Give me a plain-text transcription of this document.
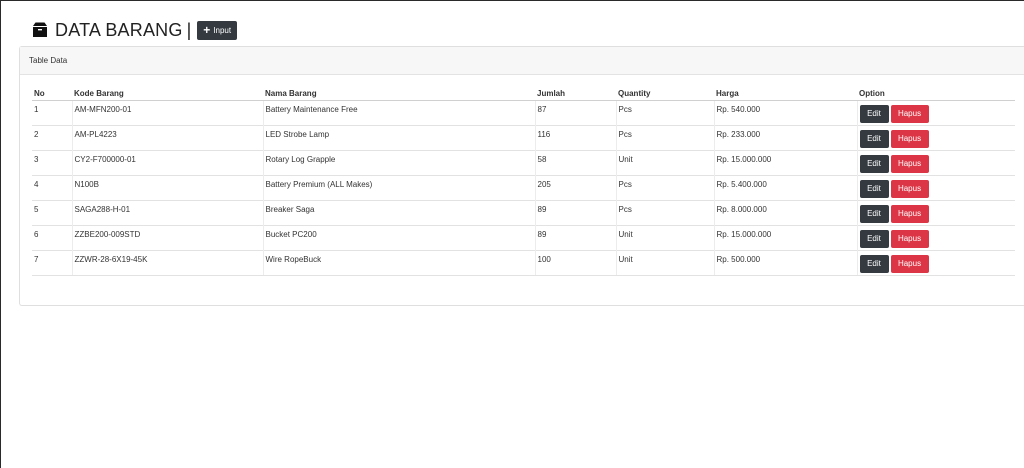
DATA BARANG | + Input
Table Data
No	Kode Barang	Nama Barang	Jumlah	Quantity	Harga	Option
1	AM-MFN200-01	Battery Maintenance Free	87	Pcs	Rp. 540.000	Edit Hapus
2	AM-PL4223	LED Strobe Lamp	116	Pcs	Rp. 233.000	Edit Hapus
3	CY2-F700000-01	Rotary Log Grapple	58	Unit	Rp. 15.000.000	Edit Hapus
4	N100B	Battery Premium (ALL Makes)	205	Pcs	Rp. 5.400.000	Edit Hapus
5	SAGA288-H-01	Breaker Saga	89	Pcs	Rp. 8.000.000	Edit Hapus
6	ZZBE200-009STD	Bucket PC200	89	Unit	Rp. 15.000.000	Edit Hapus
7	ZZWR-28-6X19-45K	Wire RopeBuck	100	Unit	Rp. 500.000	Edit Hapus
